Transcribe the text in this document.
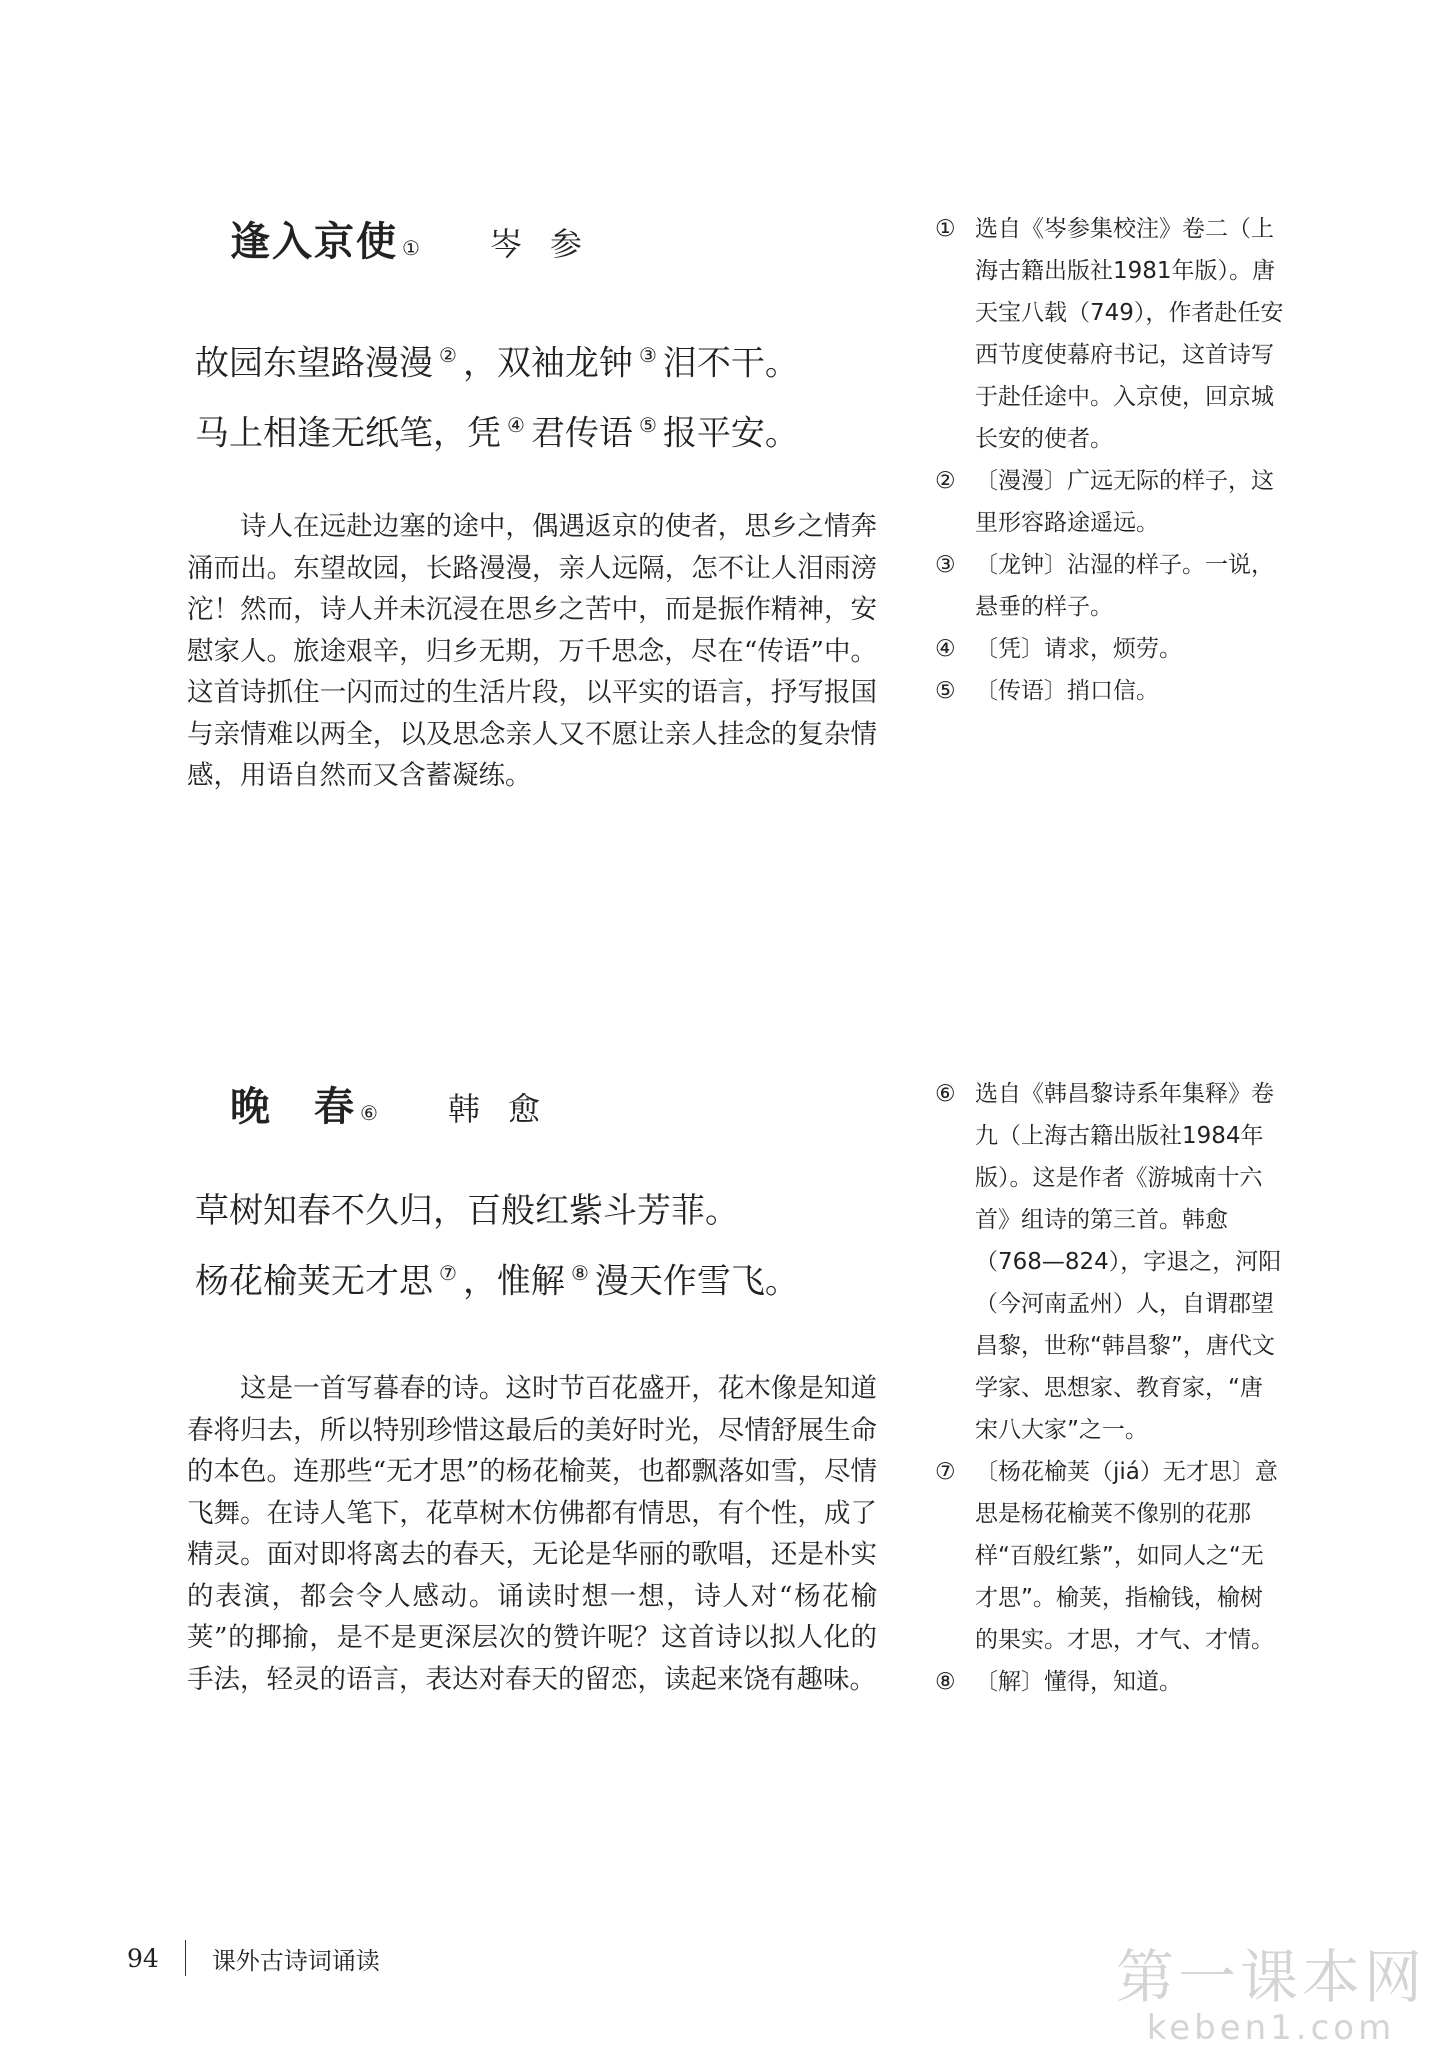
逢入京使 ① 岑参
故园东望路漫漫 ② ，双袖龙钟 ③ 泪不干。
马上相逢无纸笔，凭 ④ 君传语 ⑤ 报平安。

诗人在远赴边塞的途中，偶遇返京的使者，思乡之情奔涌而出。东望故园，长路漫漫，亲人远隔，怎不让人泪雨滂沱！然而，诗人并未沉浸在思乡之苦中，而是振作精神，安慰家人。旅途艰辛，归乡无期，万千思念，尽在“传语”中。这首诗抓住一闪而过的生活片段，以平实的语言，抒写报国与亲情难以两全，以及思念亲人又不愿让亲人挂念的复杂情感，用语自然而又含蓄凝练。

① 选自《岑参集校注》卷二（上海古籍出版社1981年版）。唐天宝八载（749），作者赴任安西节度使幕府书记，这首诗写于赴任途中。入京使，回京城长安的使者。
② 〔漫漫〕广远无际的样子，这里形容路途遥远。
③ 〔龙钟〕沾湿的样子。一说，悬垂的样子。
④ 〔凭〕请求，烦劳。
⑤ 〔传语〕捎口信。
晚　春 ⑥ 韩愈
草树知春不久归，百般红紫斗芳菲。
杨花榆荚无才思 ⑦ ，惟解 ⑧ 漫天作雪飞。

这是一首写暮春的诗。这时节百花盛开，花木像是知道春将归去，所以特别珍惜这最后的美好时光，尽情舒展生命的本色。连那些“无才思”的杨花榆荚，也都飘落如雪，尽情飞舞。在诗人笔下，花草树木仿佛都有情思，有个性，成了精灵。面对即将离去的春天，无论是华丽的歌唱，还是朴实的表演，都会令人感动。诵读时想一想，诗人对“杨花榆荚”的揶揄，是不是更深层次的赞许呢？这首诗以拟人化的手法，轻灵的语言，表达对春天的留恋，读起来饶有趣味。

⑥ 选自《韩昌黎诗系年集释》卷九（上海古籍出版社1984年版）。这是作者《游城南十六首》组诗的第三首。韩愈（768—824），字退之，河阳（今河南孟州）人，自谓郡望昌黎，世称“韩昌黎”，唐代文学家、思想家、教育家，“唐宋八大家”之一。
⑦ 〔杨花榆荚（jiá）无才思〕意思是杨花榆荚不像别的花那样“百般红紫”，如同人之“无才思”。榆荚，指榆钱，榆树的果实。才思，才气、才情。
⑧ 〔解〕懂得，知道。
94 课外古诗词诵读	第一课本网
keben1.com
